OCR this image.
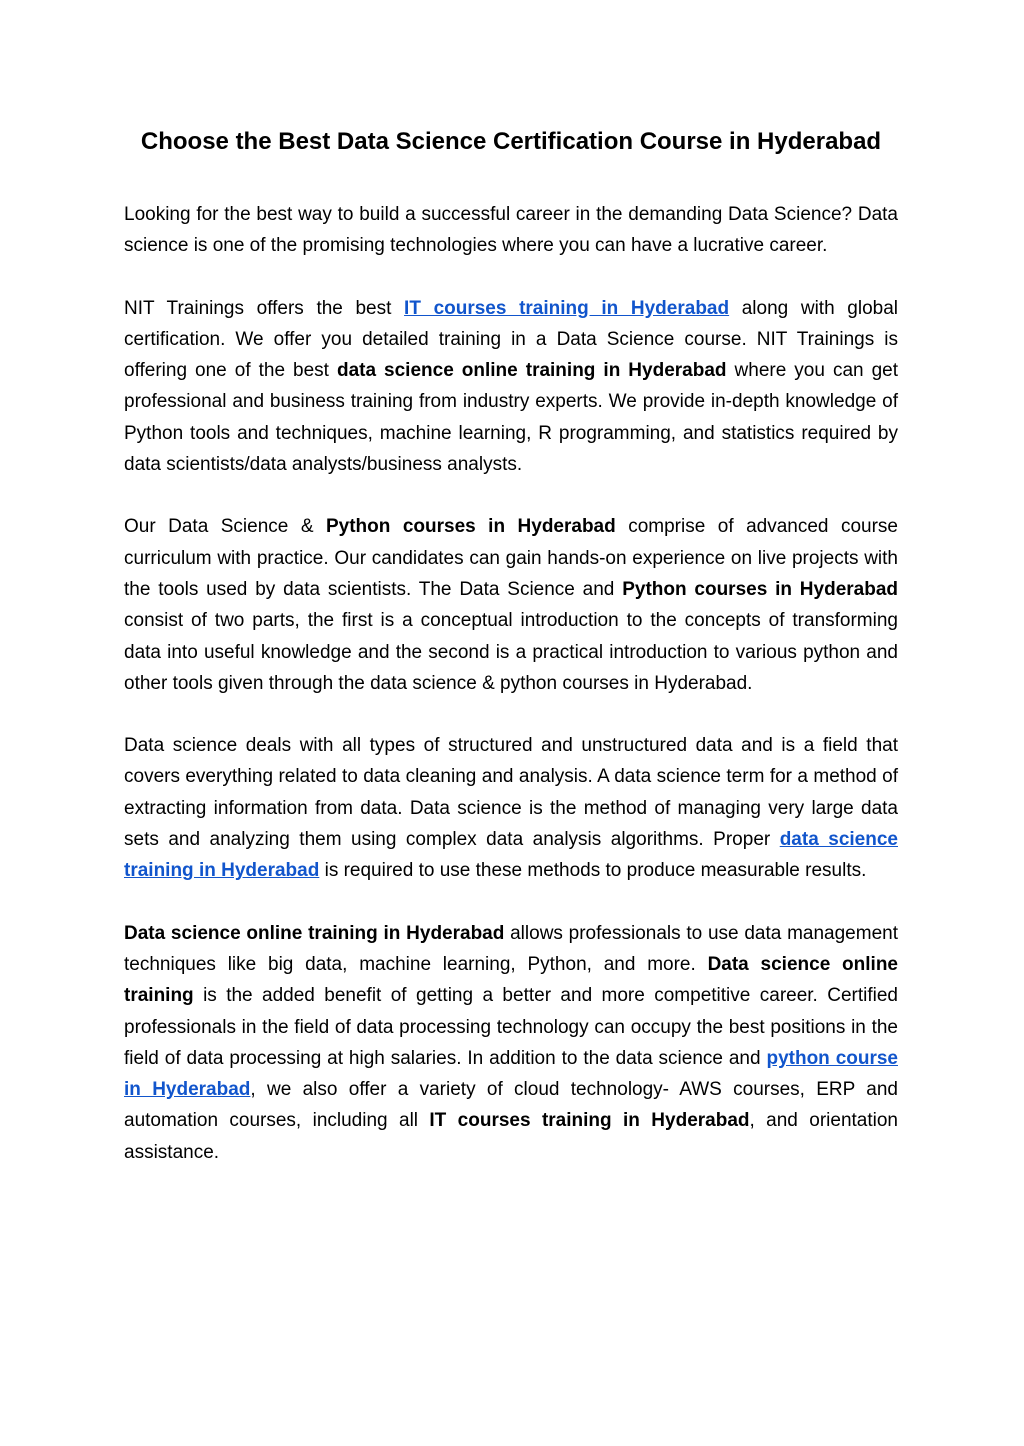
Choose the Best Data Science Certification Course in Hyderabad

Looking for the best way to build a successful career in the demanding Data Science? Data science is one of the promising technologies where you can have a lucrative career.

NIT Trainings offers the best IT courses training in Hyderabad along with global certification. We offer you detailed training in a Data Science course. NIT Trainings is offering one of the best data science online training in Hyderabad where you can get professional and business training from industry experts. We provide in-depth knowledge of Python tools and techniques, machine learning, R programming, and statistics required by data scientists/data analysts/business analysts.

Our Data Science & Python courses in Hyderabad comprise of advanced course curriculum with practice. Our candidates can gain hands-on experience on live projects with the tools used by data scientists. The Data Science and Python courses in Hyderabad consist of two parts, the first is a conceptual introduction to the concepts of transforming data into useful knowledge and the second is a practical introduction to various python and other tools given through the data science & python courses in Hyderabad.

Data science deals with all types of structured and unstructured data and is a field that covers everything related to data cleaning and analysis. A data science term for a method of extracting information from data. Data science is the method of managing very large data sets and analyzing them using complex data analysis algorithms. Proper data science training in Hyderabad is required to use these methods to produce measurable results.

Data science online training in Hyderabad allows professionals to use data management techniques like big data, machine learning, Python, and more. Data science online training is the added benefit of getting a better and more competitive career. Certified professionals in the field of data processing technology can occupy the best positions in the field of data processing at high salaries. In addition to the data science and python course in Hyderabad, we also offer a variety of cloud technology- AWS courses, ERP and automation courses, including all IT courses training in Hyderabad, and orientation assistance.
